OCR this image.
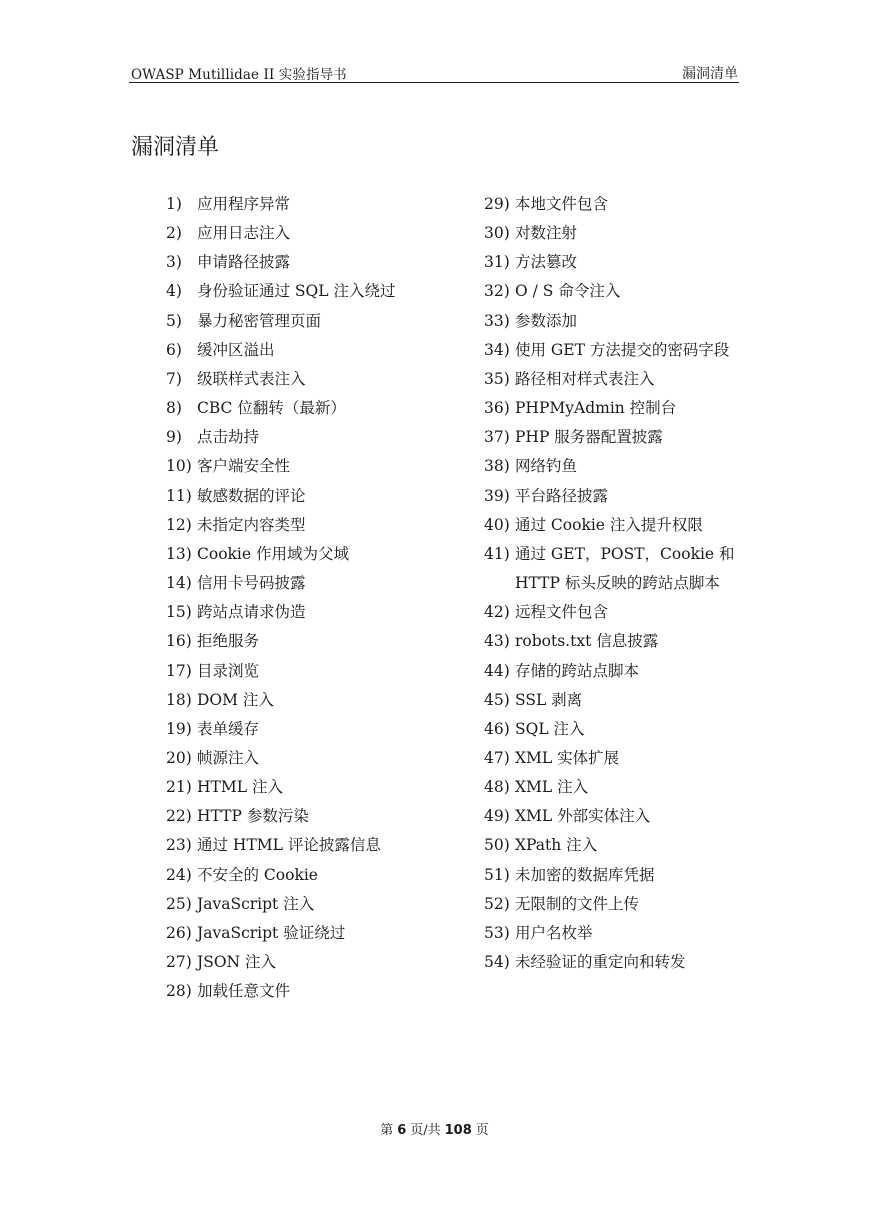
OWASP Mutillidae II 实验指导书	漏洞清单
漏洞清单
1) 应用程序异常
2) 应用日志注入
3) 申请路径披露
4) 身份验证通过 SQL 注入绕过
5) 暴力秘密管理页面
6) 缓冲区溢出
7) 级联样式表注入
8) CBC 位翻转（最新）
9) 点击劫持
10) 客户端安全性
11) 敏感数据的评论
12) 未指定内容类型
13) Cookie 作用域为父域
14) 信用卡号码披露
15) 跨站点请求伪造
16) 拒绝服务
17) 目录浏览
18) DOM 注入
19) 表单缓存
20) 帧源注入
21) HTML 注入
22) HTTP 参数污染
23) 通过 HTML 评论披露信息
24) 不安全的 Cookie
25) JavaScript 注入
26) JavaScript 验证绕过
27) JSON 注入
28) 加载任意文件
29) 本地文件包含
30) 对数注射
31) 方法篡改
32) O / S 命令注入
33) 参数添加
34) 使用 GET 方法提交的密码字段
35) 路径相对样式表注入
36) PHPMyAdmin 控制台
37) PHP 服务器配置披露
38) 网络钓鱼
39) 平台路径披露
40) 通过 Cookie 注入提升权限
41) 通过 GET，POST，Cookie 和 HTTP 标头反映的跨站点脚本
42) 远程文件包含
43) robots.txt 信息披露
44) 存储的跨站点脚本
45) SSL 剥离
46) SQL 注入
47) XML 实体扩展
48) XML 注入
49) XML 外部实体注入
50) XPath 注入
51) 未加密的数据库凭据
52) 无限制的文件上传
53) 用户名枚举
54) 未经验证的重定向和转发
第 6 页/共 108 页
